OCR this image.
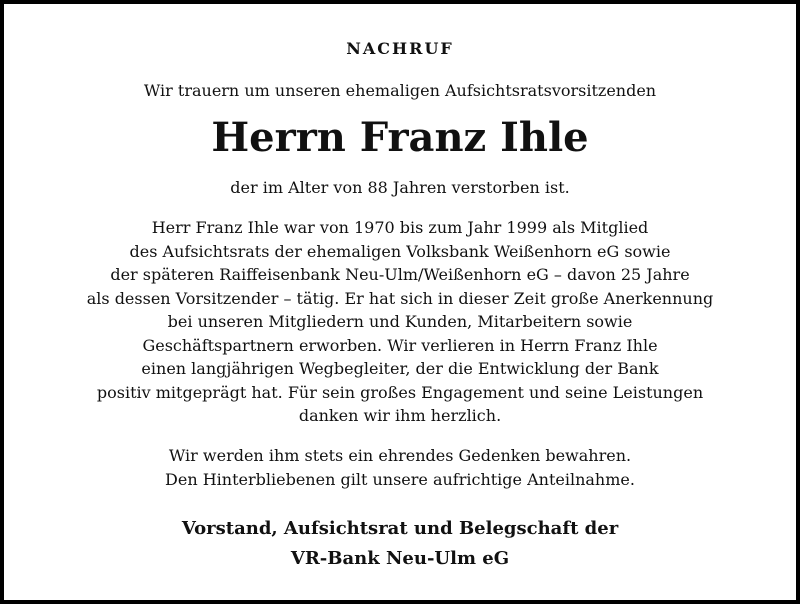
NACHRUF
Wir trauern um unseren ehemaligen Aufsichtsratsvorsitzenden
Herrn Franz Ihle
der im Alter von 88 Jahren verstorben ist.
Herr Franz Ihle war von 1970 bis zum Jahr 1999 als Mitglied
des Aufsichtsrats der ehemaligen Volksbank Weißenhorn eG sowie
der späteren Raiffeisenbank Neu-Ulm/Weißenhorn eG – davon 25 Jahre
als dessen Vorsitzender – tätig. Er hat sich in dieser Zeit große Anerkennung
bei unseren Mitgliedern und Kunden, Mitarbeitern sowie
Geschäftspartnern erworben. Wir verlieren in Herrn Franz Ihle
einen langjährigen Wegbegleiter, der die Entwicklung der Bank
positiv mitgeprägt hat. Für sein großes Engagement und seine Leistungen
danken wir ihm herzlich.
Wir werden ihm stets ein ehrendes Gedenken bewahren.
Den Hinterbliebenen gilt unsere aufrichtige Anteilnahme.
Vorstand, Aufsichtsrat und Belegschaft der
VR-Bank Neu-Ulm eG
